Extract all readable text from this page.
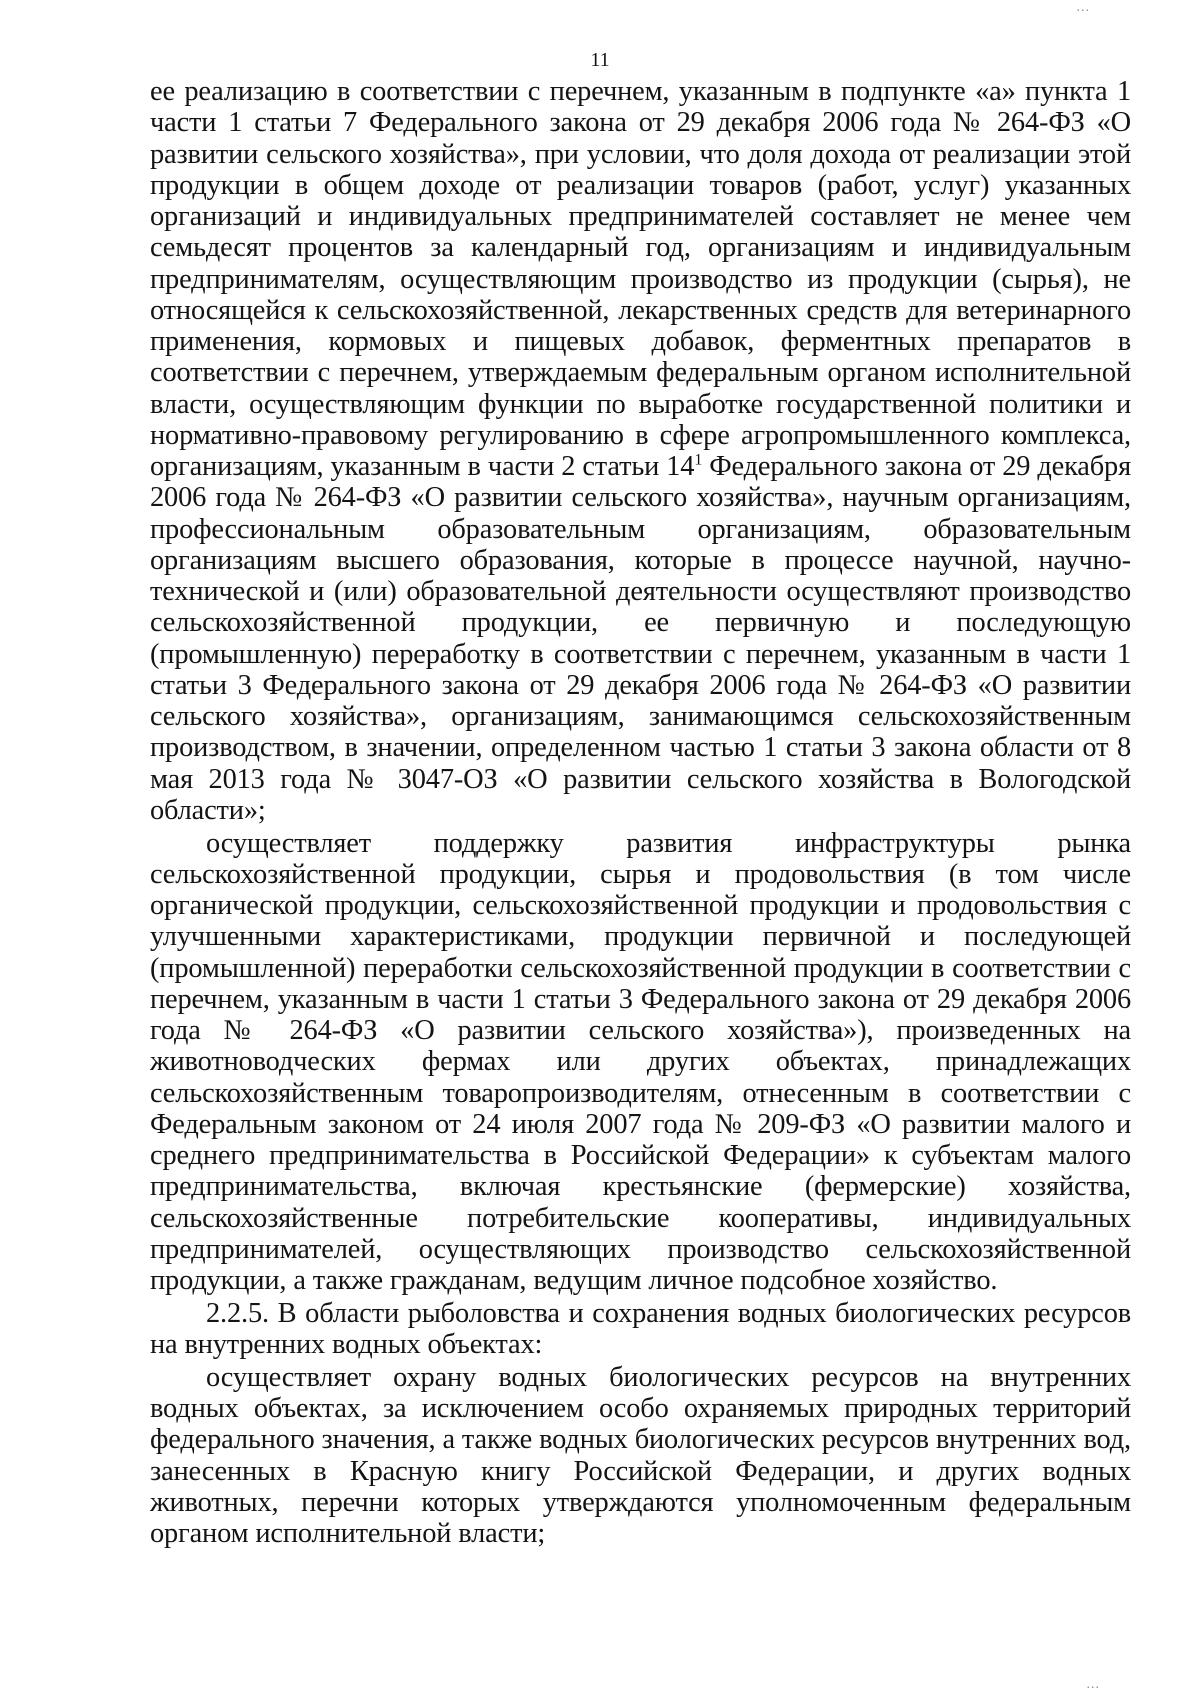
...
11

ее реализацию в соответствии с перечнем, указанным в подпункте «а» пункта 1 части 1 статьи 7 Федерального закона от 29 декабря 2006 года № 264-ФЗ «О развитии сельского хозяйства», при условии, что доля дохода от реализации этой продукции в общем доходе от реализации товаров (работ, услуг) указанных организаций и индивидуальных предпринимателей составляет не менее чем семьдесят процентов за календарный год, организациям и индивидуальным предпринимателям, осуществляющим производство из продукции (сырья), не относящейся к сельскохозяйственной, лекарственных средств для ветеринарного применения, кормовых и пищевых добавок, ферментных препаратов в соответствии с перечнем, утверждаемым федеральным органом исполнительной власти, осуществляющим функции по выработке государственной политики и нормативно-правовому регулированию в сфере агропромышленного комплекса, организациям, указанным в части 2 статьи $14^1$ Федерального закона от 29 декабря 2006 года № 264-ФЗ «О развитии сельского хозяйства», научным организациям, профессиональным образовательным организациям, образовательным организациям высшего образования, которые в процессе научной, научно-технической и (или) образовательной деятельности осуществляют производство сельскохозяйственной продукции, ее первичную и последующую (промышленную) переработку в соответствии с перечнем, указанным в части 1 статьи 3 Федерального закона от 29 декабря 2006 года № 264-ФЗ «О развитии сельского хозяйства», организациям, занимающимся сельскохозяйственным производством, в значении, определенном частью 1 статьи 3 закона области от 8 мая 2013 года № 3047-ОЗ «О развитии сельского хозяйства в Вологодской области»;

осуществляет поддержку развития инфраструктуры рынка сельскохозяйственной продукции, сырья и продовольствия (в том числе органической продукции, сельскохозяйственной продукции и продовольствия с улучшенными характеристиками, продукции первичной и последующей (промышленной) переработки сельскохозяйственной продукции в соответствии с перечнем, указанным в части 1 статьи 3 Федерального закона от 29 декабря 2006 года № 264-ФЗ «О развитии сельского хозяйства»), произведенных на животноводческих фермах или других объектах, принадлежащих сельскохозяйственным товаропроизводителям, отнесенным в соответствии с Федеральным законом от 24 июля 2007 года № 209-ФЗ «О развитии малого и среднего предпринимательства в Российской Федерации» к субъектам малого предпринимательства, включая крестьянские (фермерские) хозяйства, сельскохозяйственные потребительские кооперативы, индивидуальных предпринимателей, осуществляющих производство сельскохозяйственной продукции, а также гражданам, ведущим личное подсобное хозяйство.

2.2.5. В области рыболовства и сохранения водных биологических ресурсов на внутренних водных объектах:

осуществляет охрану водных биологических ресурсов на внутренних водных объектах, за исключением особо охраняемых природных территорий федерального значения, а также водных биологических ресурсов внутренних вод, занесенных в Красную книгу Российской Федерации, и других водных животных, перечни которых утверждаются уполномоченным федеральным органом исполнительной власти;

...
